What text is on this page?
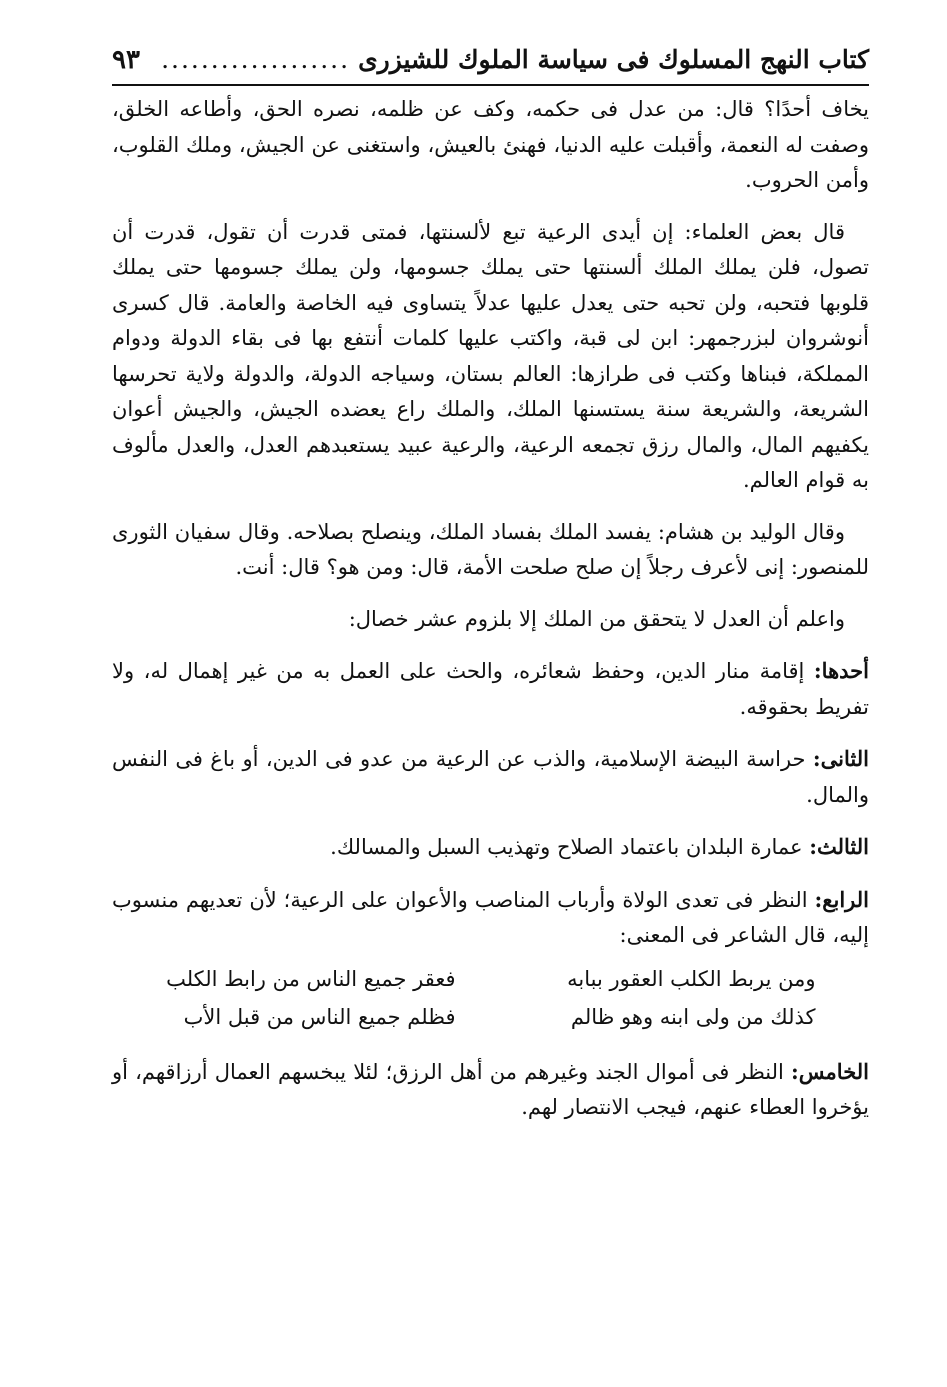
كتاب النهج المسلوك فى سياسة الملوك للشيزرى
...................
٩٣

يخاف أحدًا؟ قال: من عدل فى حكمه، وكف عن ظلمه، نصره الحق، وأطاعه الخلق، وصفت له النعمة، وأقبلت عليه الدنيا، فهنئ بالعيش، واستغنى عن الجيش، وملك القلوب، وأمن الحروب.

قال بعض العلماء: إن أيدى الرعية تبع لألسنتها، فمتى قدرت أن تقول، قدرت أن تصول، فلن يملك الملك ألسنتها حتى يملك جسومها، ولن يملك جسومها حتى يملك قلوبها فتحبه، ولن تحبه حتى يعدل عليها عدلاً يتساوى فيه الخاصة والعامة. قال كسرى أنوشروان لبزرجمهر: ابن لى قبة، واكتب عليها كلمات أنتفع بها فى بقاء الدولة ودوام المملكة، فبناها وكتب فى طرازها: العالم بستان، وسياجه الدولة، والدولة ولاية تحرسها الشريعة، والشريعة سنة يستسنها الملك، والملك راع يعضده الجيش، والجيش أعوان يكفيهم المال، والمال رزق تجمعه الرعية، والرعية عبيد يستعبدهم العدل، والعدل مألوف به قوام العالم.

وقال الوليد بن هشام: يفسد الملك بفساد الملك، وينصلح بصلاحه. وقال سفيان الثورى للمنصور: إنى لأعرف رجلاً إن صلح صلحت الأمة، قال: ومن هو؟ قال: أنت.

واعلم أن العدل لا يتحقق من الملك إلا بلزوم عشر خصال:

أحدها: إقامة منار الدين، وحفظ شعائره، والحث على العمل به من غير إهمال له، ولا تفريط بحقوقه.

الثانى: حراسة البيضة الإسلامية، والذب عن الرعية من عدو فى الدين، أو باغ فى النفس والمال.

الثالث: عمارة البلدان باعتماد الصلاح وتهذيب السبل والمسالك.

الرابع: النظر فى تعدى الولاة وأرباب المناصب والأعوان على الرعية؛ لأن تعديهم منسوب إليه، قال الشاعر فى المعنى:

ومن يربط الكلب العقور ببابه
فعقر جميع الناس من رابط الكلب
كذلك من ولى ابنه وهو ظالم
فظلم جميع الناس من قبل الأب

الخامس: النظر فى أموال الجند وغيرهم من أهل الرزق؛ لئلا يبخسهم العمال أرزاقهم، أو يؤخروا العطاء عنهم، فيجب الانتصار لهم.
